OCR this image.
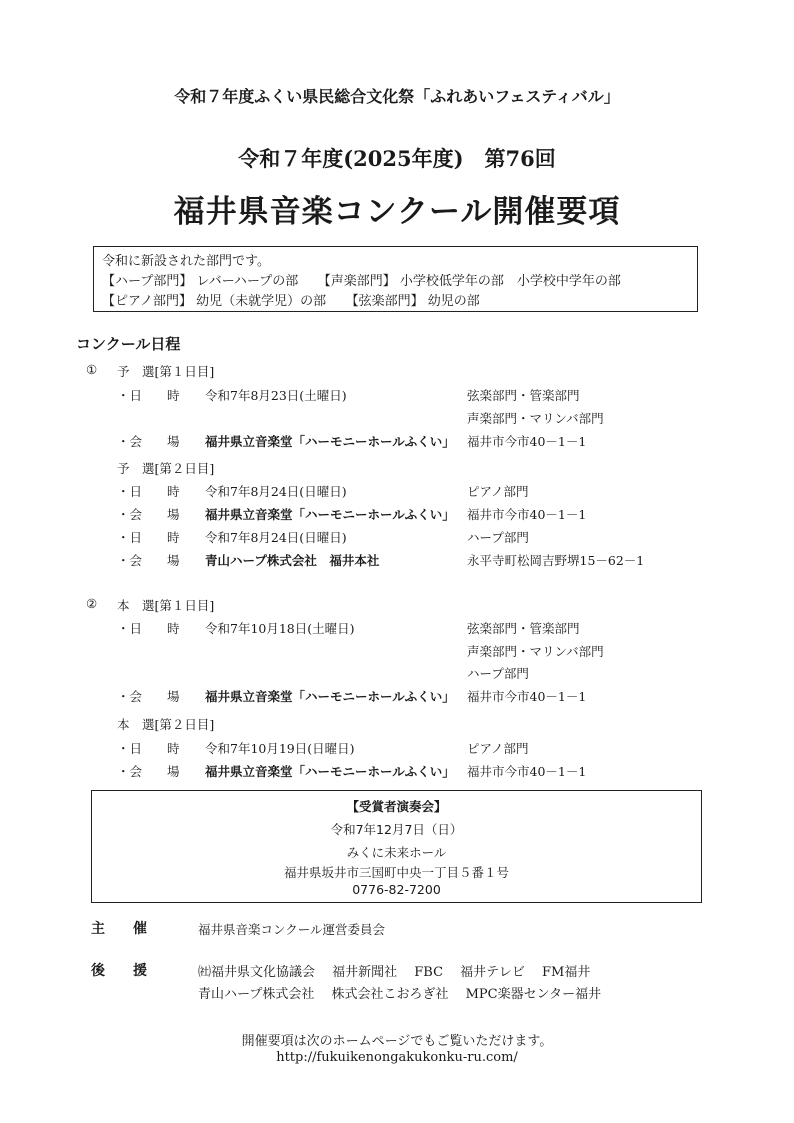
令和７年度ふくい県民総合文化祭「ふれあいフェスティバル」
令和７年度(2025年度)　第76回
福井県音楽コンクール開催要項
令和に新設された部門です。
【ハープ部門】 レバーハープの部　　【声楽部門】 小学校低学年の部　小学校中学年の部
【ピアノ部門】 幼児（未就学児）の部　　【弦楽部門】 幼児の部
コンクール日程
① 予　選[第１日目]
・日　　時 令和7年8月23日(土曜日)	弦楽部門・管楽部門
声楽部門・マリンバ部門
・会　　場 福井県立音楽堂「ハーモニーホールふくい」 福井市今市40－1－1
予　選[第２日目]
・日　　時 令和7年8月24日(日曜日)	ピアノ部門
・会　　場 福井県立音楽堂「ハーモニーホールふくい」 福井市今市40－1－1
・日　　時 令和7年8月24日(日曜日)	ハープ部門
・会　　場 青山ハープ株式会社　福井本社	永平寺町松岡吉野堺15－62－1
② 本　選[第１日目]
・日　　時 令和7年10月18日(土曜日)	弦楽部門・管楽部門
声楽部門・マリンバ部門
ハープ部門
・会　　場 福井県立音楽堂「ハーモニーホールふくい」 福井市今市40－1－1
本　選[第２日目]
・日　　時 令和7年10月19日(日曜日)	ピアノ部門
・会　　場 福井県立音楽堂「ハーモニーホールふくい」 福井市今市40－1－1
【受賞者演奏会】
令和7年12月7日（日）
みくに未来ホール
福井県坂井市三国町中央一丁目５番１号
0776-82-7200
主　　催	福井県音楽コンクール運営委員会
後　　援	㈳福井県文化協議会　 福井新聞社 　FBC 　福井テレビ 　FM福井
青山ハープ株式会社　 株式会社こおろぎ社 　MPC楽器センター福井
開催要項は次のホームページでもご覧いただけます。
http://fukuikenongakukonku-ru.com/
